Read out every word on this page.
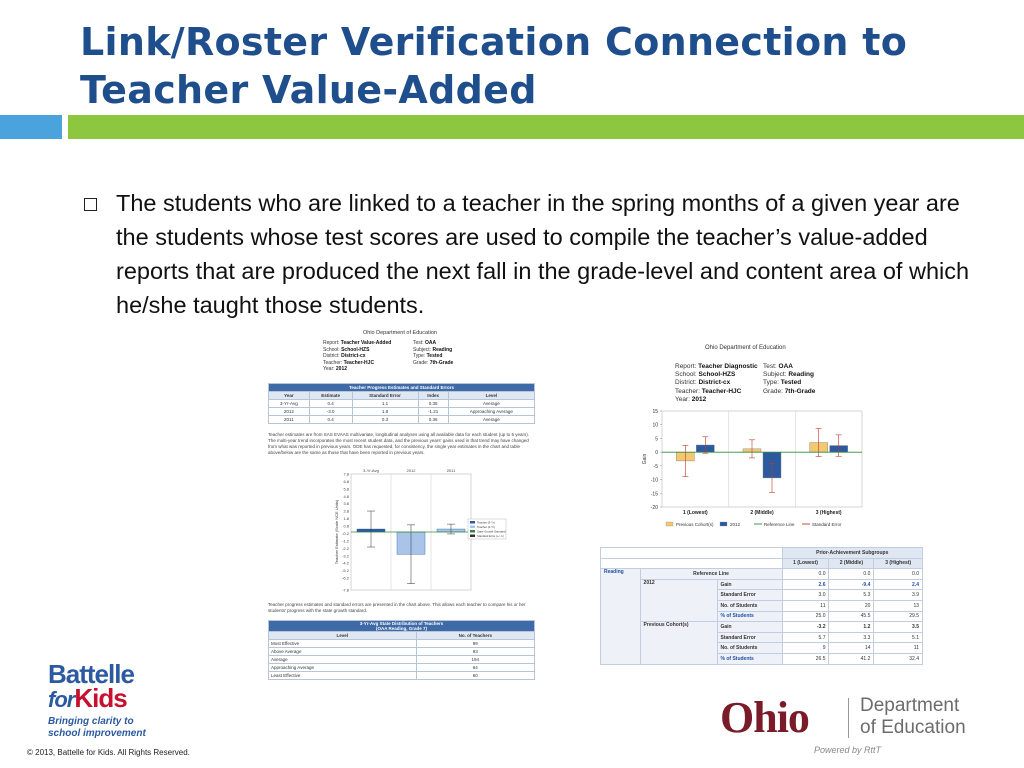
Link/Roster Verification Connection to Teacher Value-Added
The students who are linked to a teacher in the spring months of a given year are the students whose test scores are used to compile the teacher’s value-added reports that are produced the next fall in the grade-level and content area of which he/she taught those students.
Ohio Department of Education
Report: Teacher Value-Added
School: School-HZS
District: District-cx
Teacher: Teacher-HJC
Year: 2012
Test: OAA
Subject: Reading
Type: Tested
Grade: 7th-Grade
Teacher Progress Estimates and Standard Errors				
Year	Estimate	Standard Error	Index	Level
3-Yr-Avg	0.4	1.1	0.35	Average
2012	-3.0	1.8	-1.21	Approaching Average
2011	0.4	0.3	0.36	Average
Teacher estimates are from SAS EVAAS multivariate, longitudinal analyses using all available data for each student (up to 5 years). The multi-year trend incorporates the most recent student data, and the previous years' gains used in that trend may have changed from what was reported in previous years. ODE has requested, for consistency, the single year estimates in the chart and table above/below are the same as those that have been reported in previous years.
7.8
6.8
5.8
4.8
3.8
2.8
1.8
0.8
-0.2
-1.2
-2.2
-3.2
-4.2
-5.2
-6.2
-7.8
Teacher Estimate (Scale NCE Units)
3-Yr-Avg	2012	2011
Teacher (3-Yr)
Teacher (2-Yr)
State Growth Standard
Standard Error (+/- 1)
Teacher progress estimates and standard errors are presented in the chart above. This allows each teacher to compare his or her students' progress with the state growth standard.
3-Yr-Avg State Distribution of Teachers
(OAA Reading, Grade 7)	
Level	No. of Teachers
Most Effective	99
Above Average	93
Average	194
Approaching Average	64
Least Effective	60
Ohio Department of Education
Report: Teacher Diagnostic
School: School-HZS
District: District-cx
Teacher: Teacher-HJC
Year: 2012
Test: OAA
Subject: Reading
Type: Tested
Grade: 7th-Grade
15
10
5
0
-5
-10
-15
-20
Gain
1 (Lowest)	2 (Middle)	3 (Highest)
Previous Cohort(s)	2012	Reference Line	Standard Error
			Prior-Achievement Subgroups		
			1 (Lowest)	2 (Middle)	3 (Highest)
Reading	Reference Line		0.0	0.0	0.0
	2012	Gain	2.6	-9.4	2.4
		Standard Error	3.0	5.3	3.9
		No. of Students	11	20	13
		% of Students	25.0	45.5	29.5
	Previous Cohort(s)	Gain	-3.2	1.2	3.5
		Standard Error	5.7	3.3	5.1
		No. of Students	9	14	11
		% of Students	26.5	41.2	32.4
Battelle
forKids
Bringing clarity to
school improvement
© 2013, Battelle for Kids. All Rights Reserved.
Ohio	Department
of Education
Powered by RttT
